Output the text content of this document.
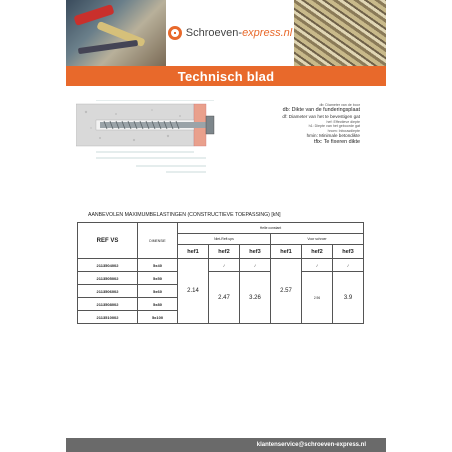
Schroeven-express.nl
Technisch blad
db: Diameter van de boor
db: Dikte van de funderingsplaat
df: Diameter van het te bevestigen gat
hef: Effectieve diepte
h1: Diepte van het geboorde gat
hnom: Inbouwdiepte
hmin: Minimale betondikte
tfix: Te fixeren dikte
AANBEVOLEN MAXIMUMBELASTINGEN (CONSTRUCTIEVE TOEPASSING) [kN]
REF VS	DIMENSIE	Helle constant					
		Niet-Reft ups			Voor schroer		
		hef1	hef2	hef3	hef1	hef2	hef3
2113504002	5x40	2.14	/	/	2.57	/	/
2113505002	5x50		2.47	3.26		2.96	3.9
2113506002	5x60						
2113508002	5x80						
2113510002	5x100						
klantenservice@schroeven-express.nl
